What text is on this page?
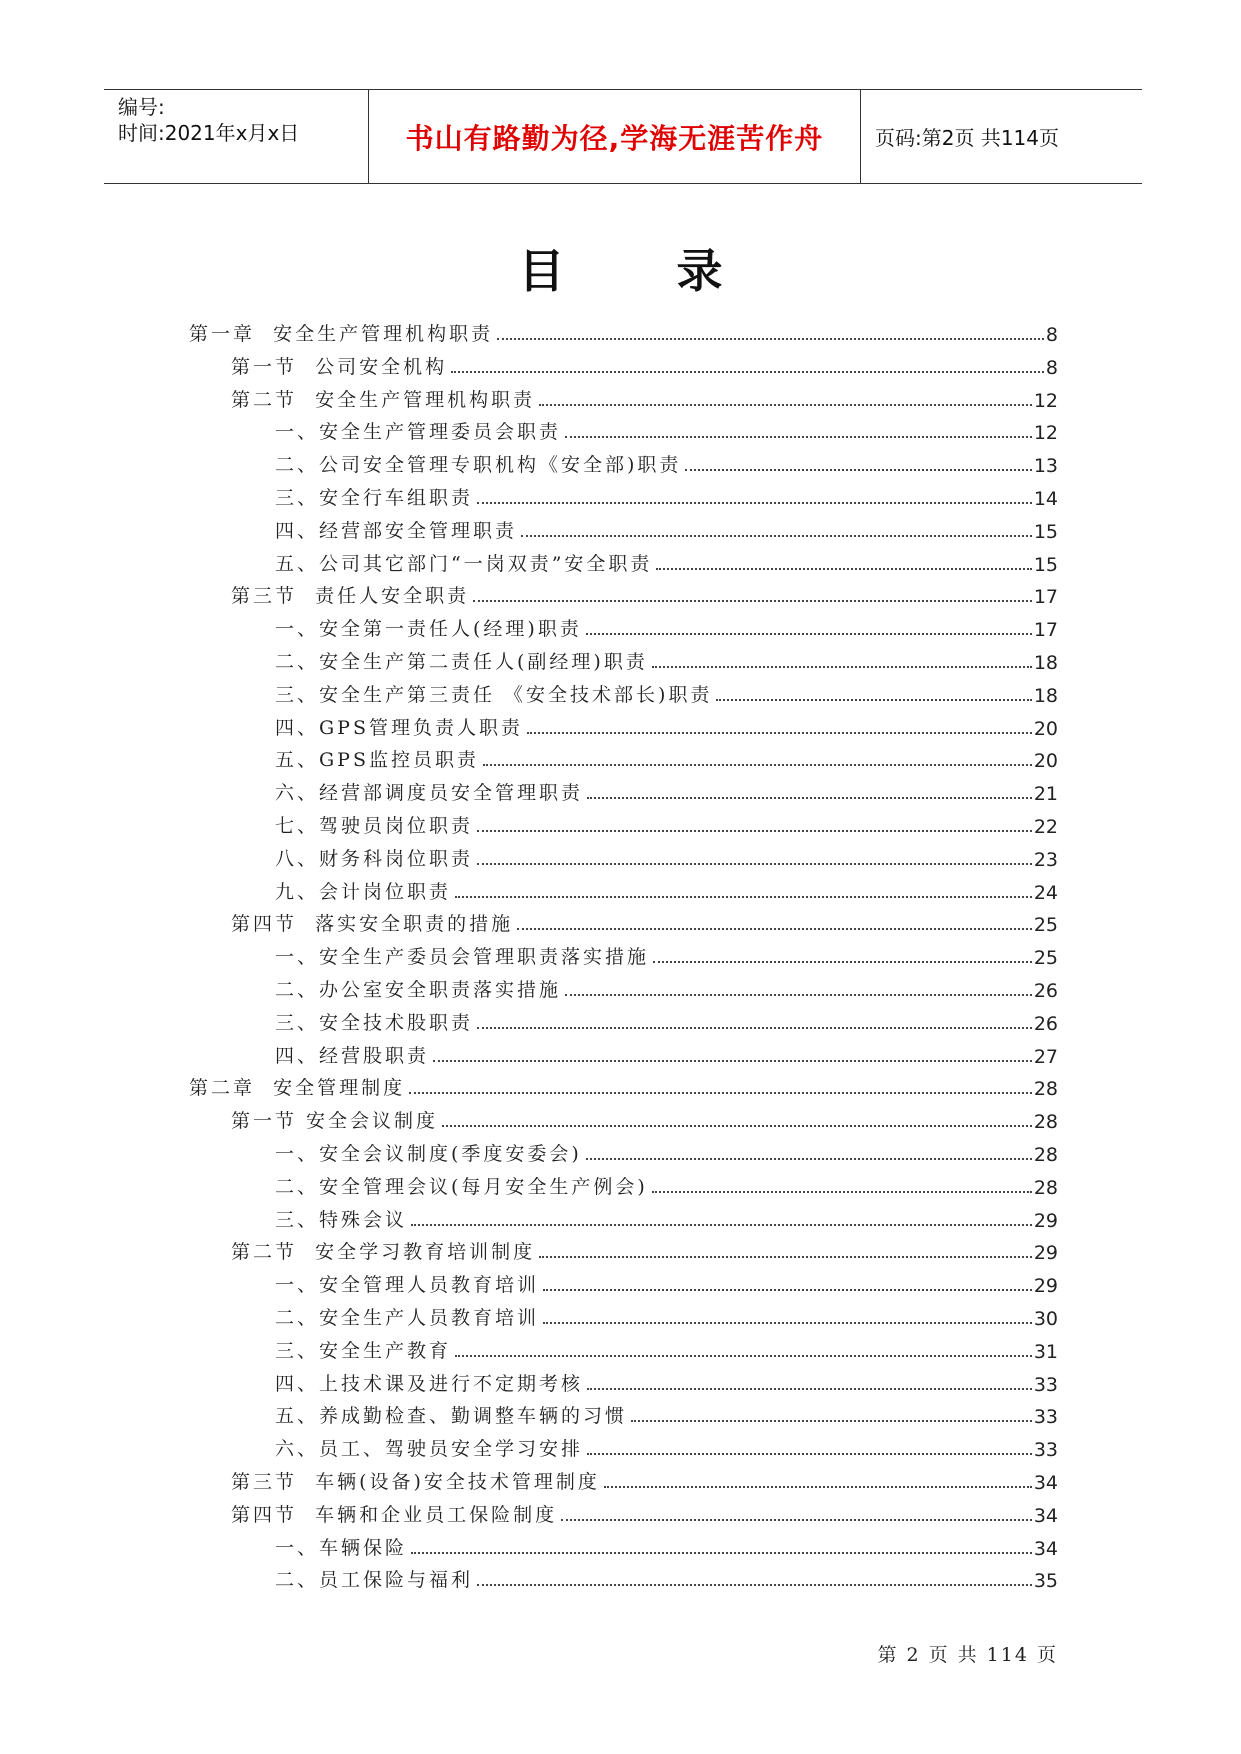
编号:
时间:2021年x月x日	书山有路勤为径,学海无涯苦作舟	页码:第2页 共114页
目 录
第一章  安全生产管理机构职责	8
第一节  公司安全机构	8
第二节  安全生产管理机构职责	12
一、安全生产管理委员会职责	12
二、公司安全管理专职机构《安全部)职责	13
三、安全行车组职责	14
四、经营部安全管理职责	15
五、公司其它部门“一岗双责”安全职责	15
第三节  责任人安全职责	17
一、安全第一责任人(经理)职责	17
二、安全生产第二责任人(副经理)职责	18
三、安全生产第三责任 《安全技术部长)职责	18
四、GPS管理负责人职责	20
五、GPS监控员职责	20
六、经营部调度员安全管理职责	21
七、驾驶员岗位职责	22
八、财务科岗位职责	23
九、会计岗位职责	24
第四节  落实安全职责的措施	25
一、安全生产委员会管理职责落实措施	25
二、办公室安全职责落实措施	26
三、安全技术股职责	26
四、经营股职责	27
第二章  安全管理制度	28
第一节 安全会议制度	28
一、安全会议制度(季度安委会)	28
二、安全管理会议(每月安全生产例会)	28
三、特殊会议	29
第二节  安全学习教育培训制度	29
一、安全管理人员教育培训	29
二、安全生产人员教育培训	30
三、安全生产教育	31
四、上技术课及进行不定期考核	33
五、养成勤检查、勤调整车辆的习惯	33
六、员工、驾驶员安全学习安排	33
第三节  车辆(设备)安全技术管理制度	34
第四节  车辆和企业员工保险制度	34
一、车辆保险	34
二、员工保险与福利	35
第 2 页 共 114 页
